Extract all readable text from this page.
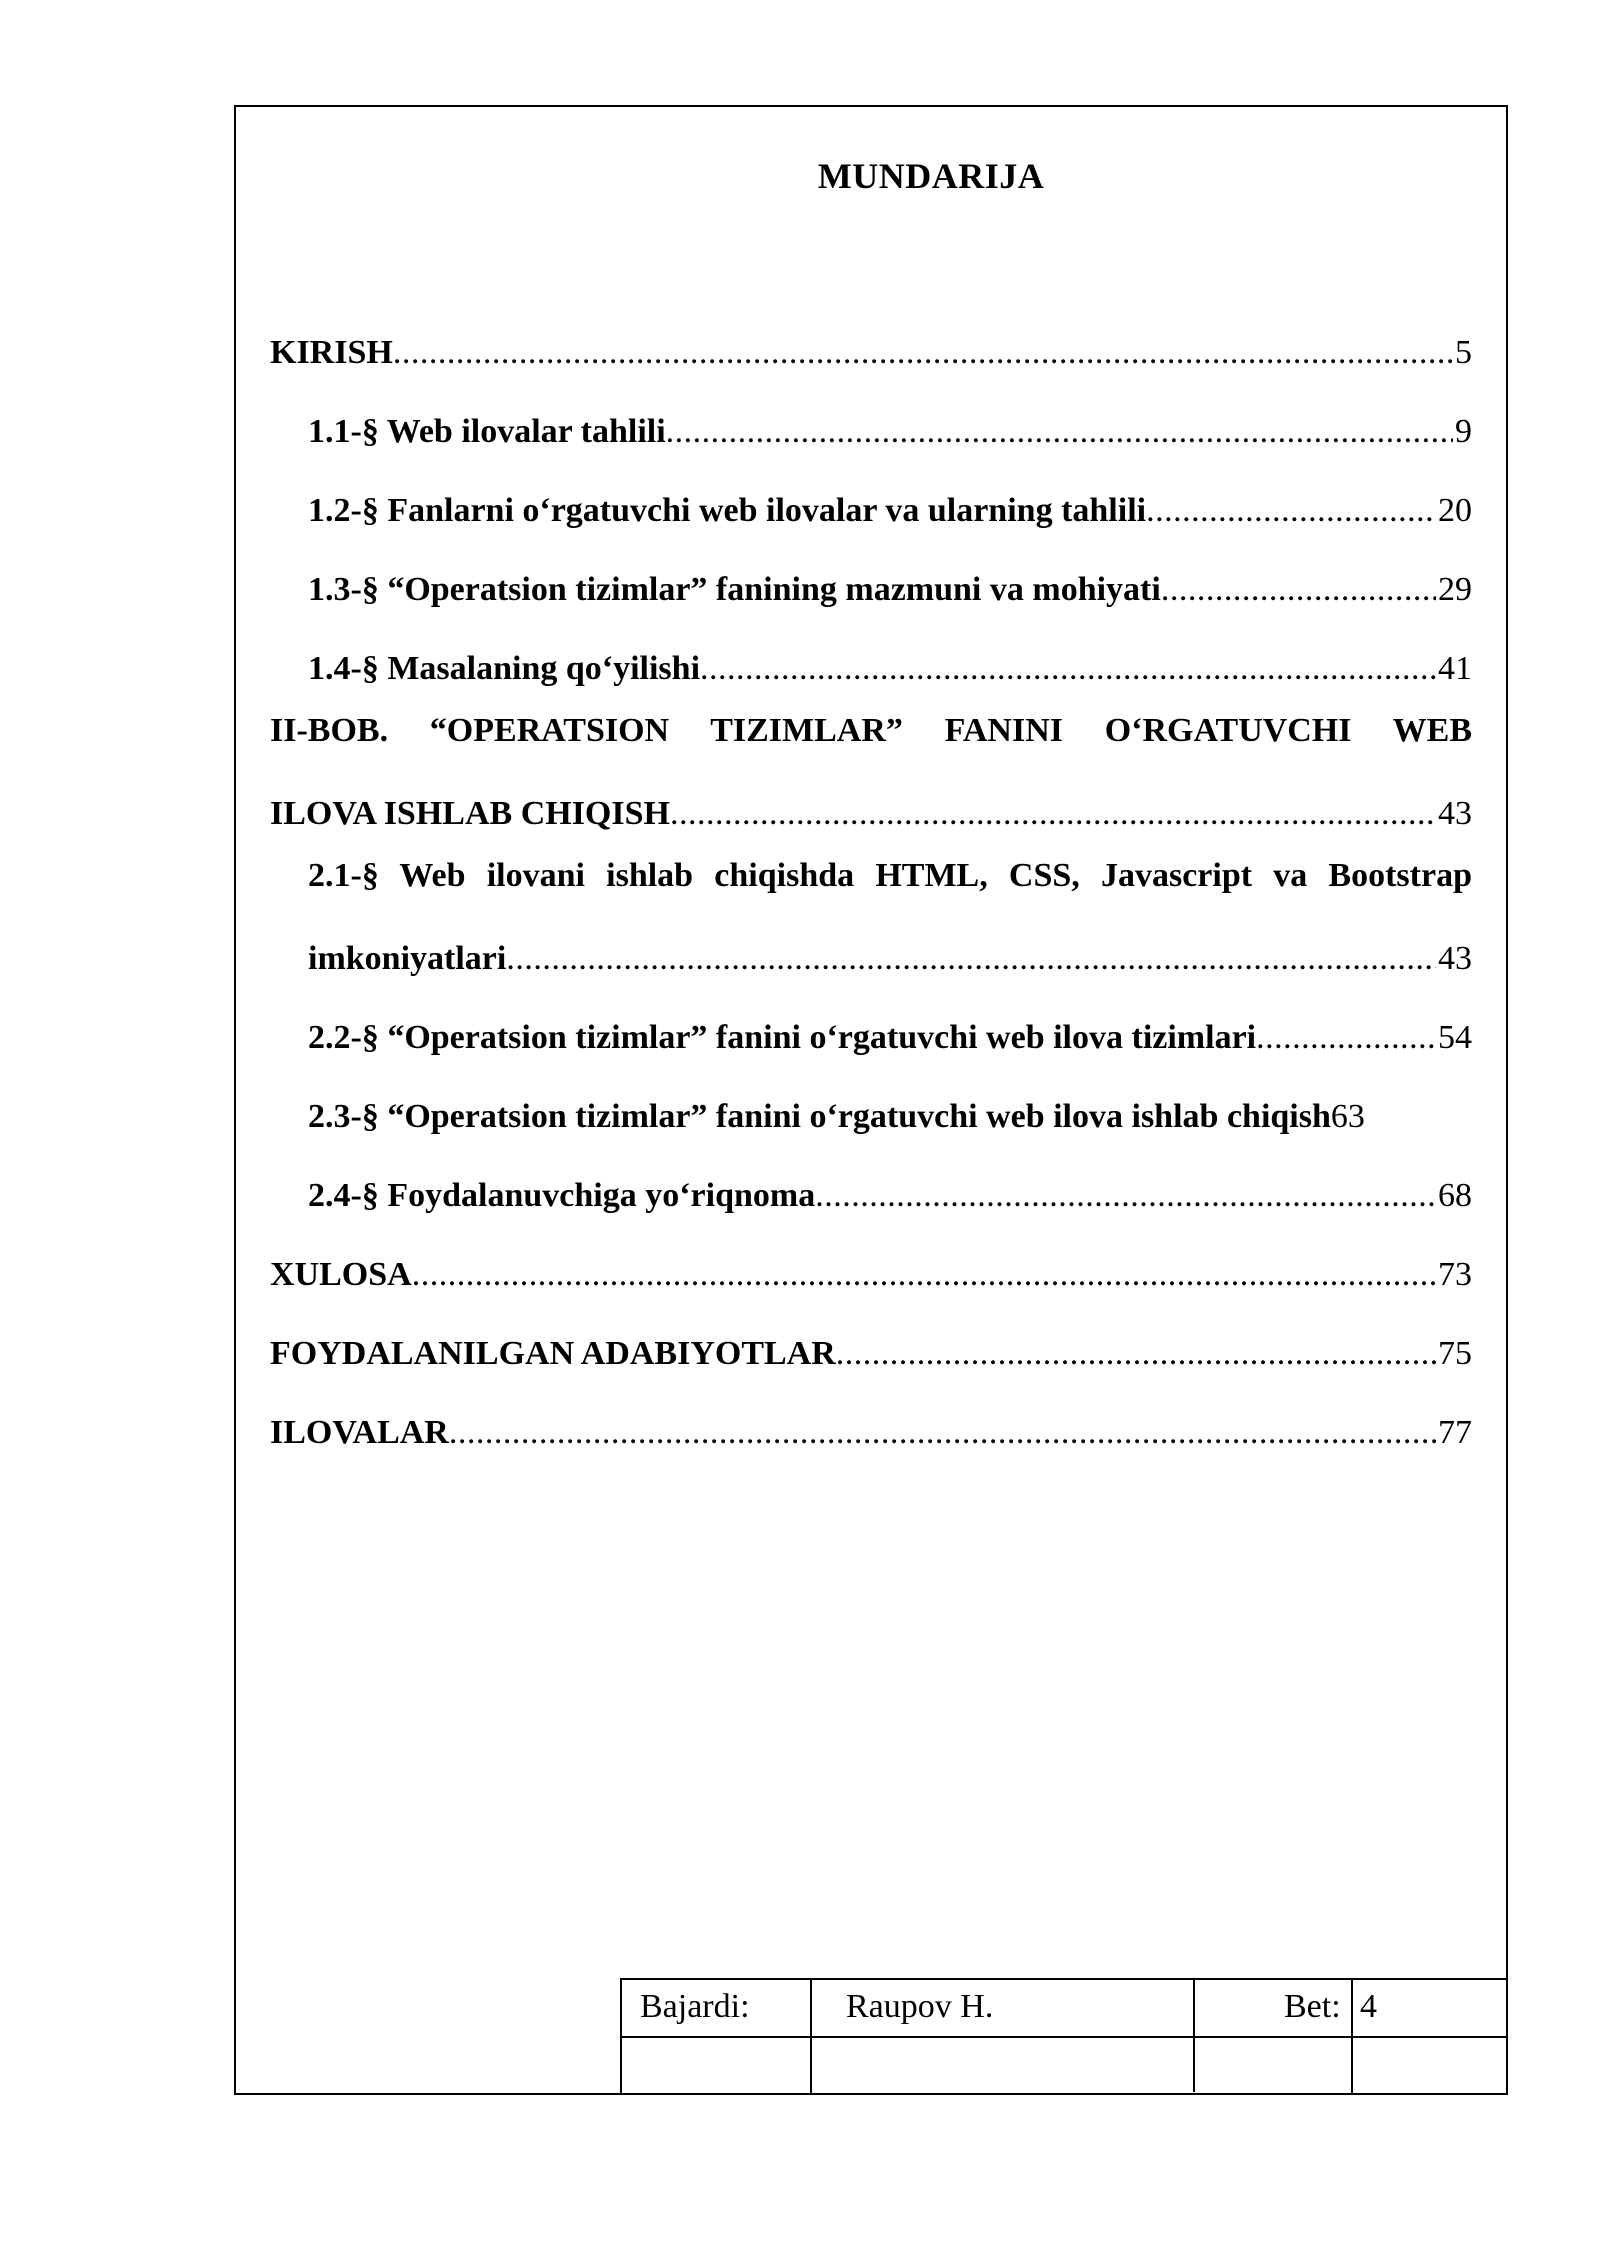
MUNDARIJA
KIRISH .....	5
1.1-§ Web ilovalar tahlili .....	9
1.2-§ Fanlarni o‘rgatuvchi web ilovalar va ularning tahlili .....	20
1.3-§ “Operatsion tizimlar” fanining mazmuni va mohiyati .....	29
1.4-§ Masalaning qo‘yilishi .....	41
II-BOB. “OPERATSION TIZIMLAR” FANINI O‘RGATUVCHI WEB
ILOVA ISHLAB CHIQISH .....	43
2.1-§ Web ilovani ishlab chiqishda HTML, CSS, Javascript va Bootstrap
imkoniyatlari .....	43
2.2-§ “Operatsion tizimlar” fanini o‘rgatuvchi web ilova tizimlari .....	54
2.3-§ “Operatsion tizimlar” fanini o‘rgatuvchi web ilova ishlab chiqish 63
2.4-§ Foydalanuvchiga yo‘riqnoma .....	68
XULOSA .....	73
FOYDALANILGAN ADABIYOTLAR .....	75
ILOVALAR .....	77
Bajardi:	Raupov H.	Bet: 4
